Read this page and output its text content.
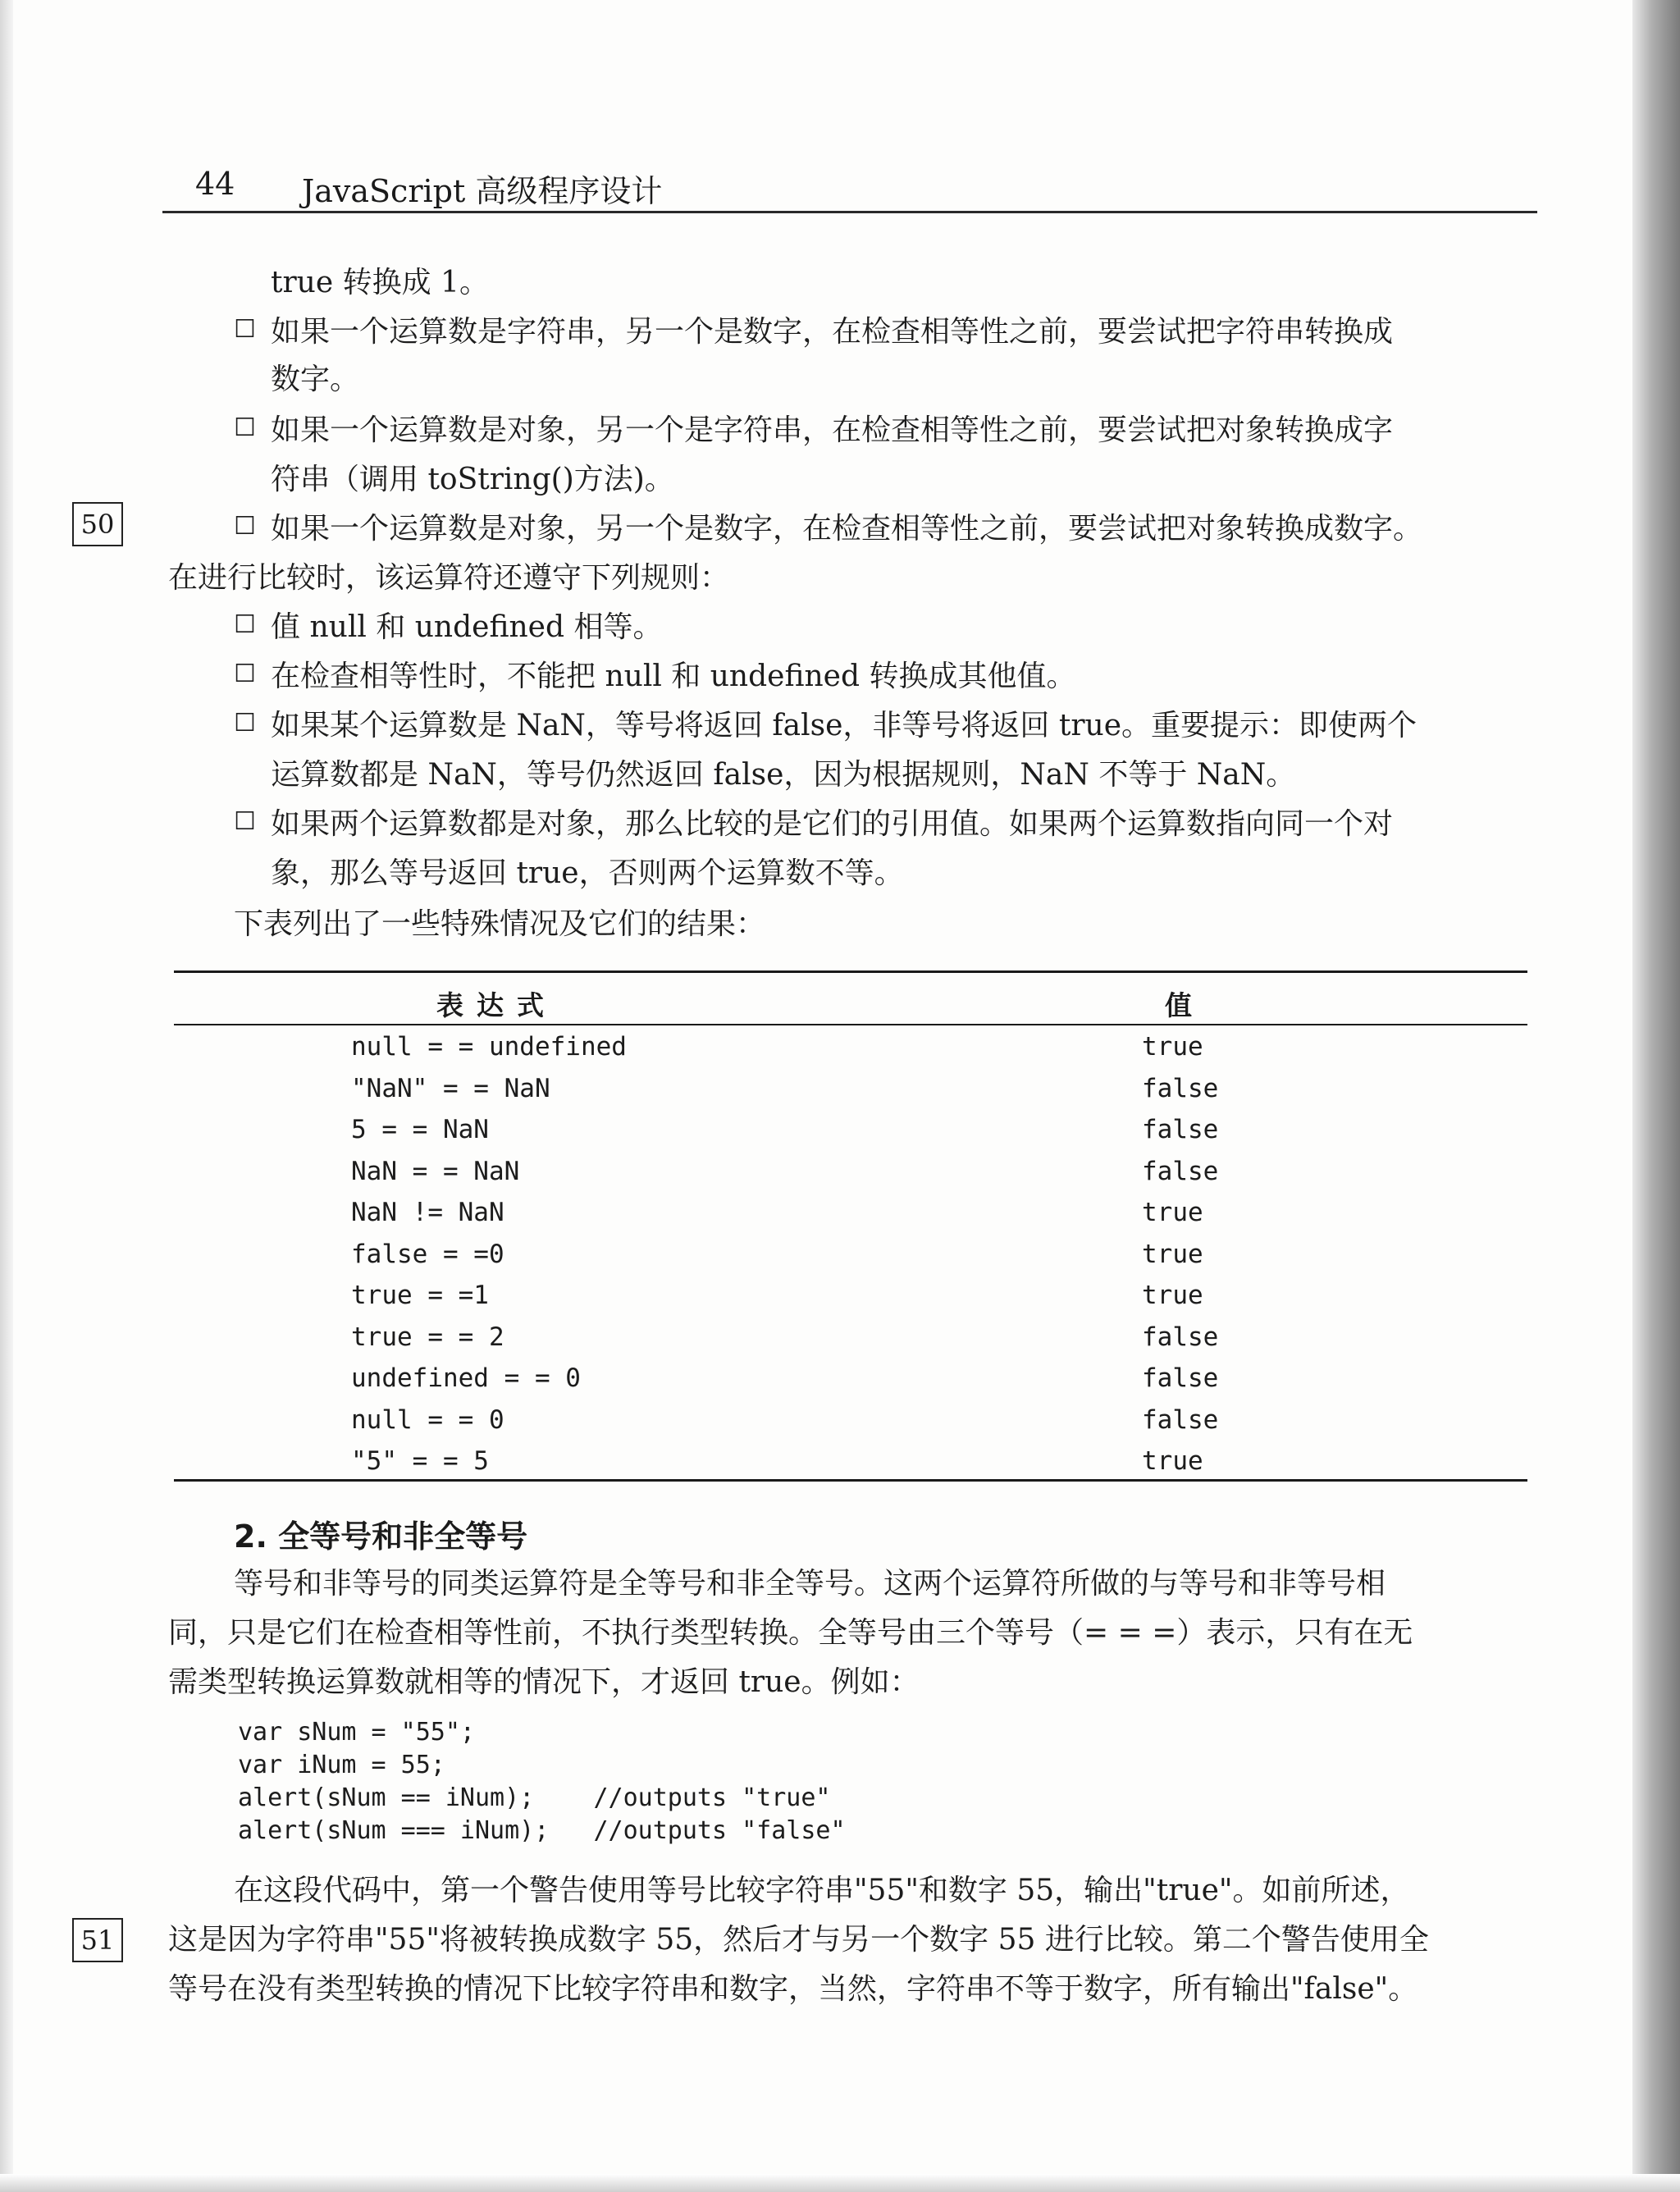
44 JavaScript 高级程序设计
50
51
true 转换成 1。
☐ 如果一个运算数是字符串，另一个是数字，在检查相等性之前，要尝试把字符串转换成
数字。
☐ 如果一个运算数是对象，另一个是字符串，在检查相等性之前，要尝试把对象转换成字
符串（调用 toString()方法)。
☐ 如果一个运算数是对象，另一个是数字，在检查相等性之前，要尝试把对象转换成数字。
在进行比较时，该运算符还遵守下列规则：
☐ 值 null 和 undefined 相等。
☐ 在检查相等性时，不能把 null 和 undefined 转换成其他值。
☐ 如果某个运算数是 NaN，等号将返回 false，非等号将返回 true。重要提示：即使两个
运算数都是 NaN，等号仍然返回 false，因为根据规则，NaN 不等于 NaN。
☐ 如果两个运算数都是对象，那么比较的是它们的引用值。如果两个运算数指向同一个对
象，那么等号返回 true，否则两个运算数不等。
下表列出了一些特殊情况及它们的结果：
表达式	值
null = = undefined	true
"NaN" = = NaN	false
5 = = NaN	false
NaN = = NaN	false
NaN != NaN	true
false = =0	true
true = =1	true
true = = 2	false
undefined = = 0	false
null = = 0	false
"5" = = 5	true
2. 全等号和非全等号
等号和非等号的同类运算符是全等号和非全等号。这两个运算符所做的与等号和非等号相
同，只是它们在检查相等性前，不执行类型转换。全等号由三个等号（= = =）表示，只有在无
需类型转换运算数就相等的情况下，才返回 true。例如：
var sNum = "55";
var iNum = 55;
alert(sNum == iNum);    //outputs "true"
alert(sNum === iNum);   //outputs "false"
在这段代码中，第一个警告使用等号比较字符串"55"和数字 55，输出"true"。如前所述，
这是因为字符串"55"将被转换成数字 55，然后才与另一个数字 55 进行比较。第二个警告使用全
等号在没有类型转换的情况下比较字符串和数字，当然，字符串不等于数字，所有输出"false"。
